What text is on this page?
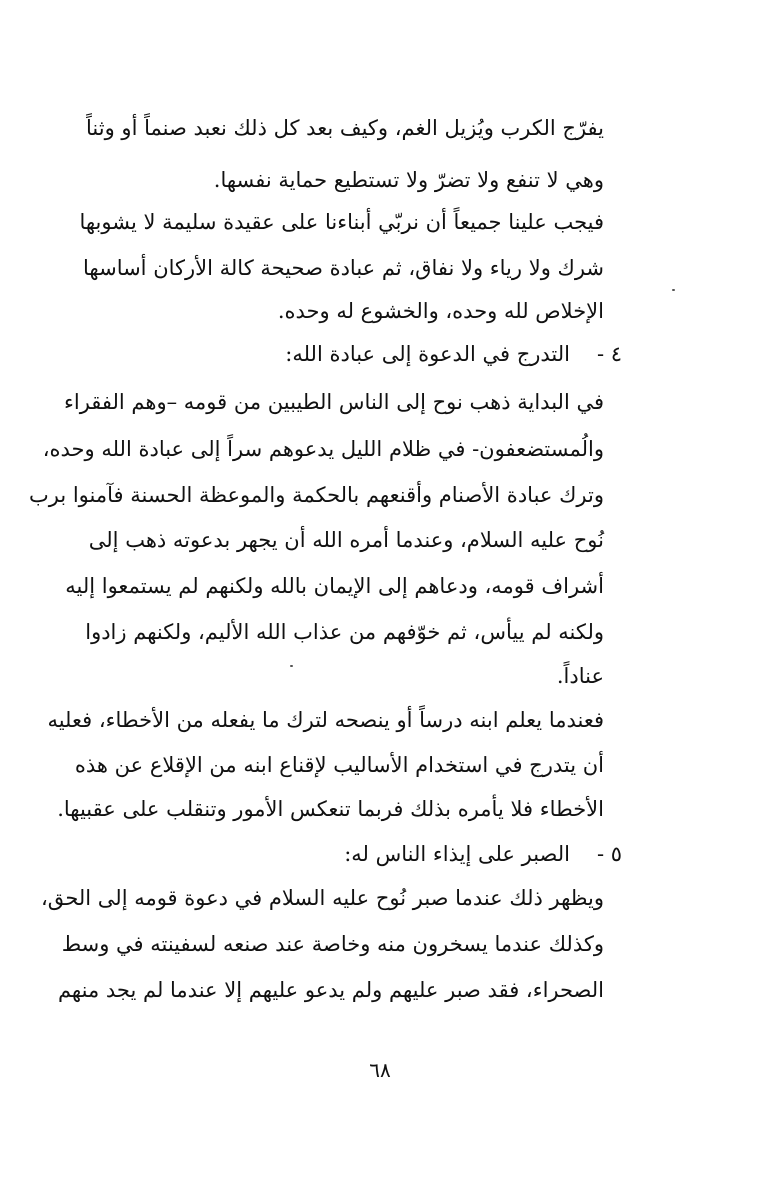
يفرّج الكرب ويُزيل الغم، وكيف بعد كل ذلك نعبد صنماً أو وثناً
وهي لا تنفع ولا تضرّ ولا تستطيع حماية نفسها.
فيجب علينا جميعاً أن نربّي أبناءنا على عقيدة سليمة لا يشوبها
شرك ولا رياء ولا نفاق، ثم عبادة صحيحة كالة الأركان أساسها
الإخلاص لله وحده، والخشوع له وحده.
٤ -
التدرج في الدعوة إلى عبادة الله:
في البداية ذهب نوح إلى الناس الطيبين من قومه –وهم الفقراء
والُمستضعفون- في ظلام الليل يدعوهم سراً إلى عبادة الله وحده،
وترك عبادة الأصنام وأقنعهم بالحكمة والموعظة الحسنة فآمنوا برب
نُوح عليه السلام، وعندما أمره الله أن يجهر بدعوته ذهب إلى
أشراف قومه، ودعاهم إلى الإيمان بالله ولكنهم لم يستمعوا إليه
ولكنه لم ييأس، ثم خوّفهم من عذاب الله الأليم، ولكنهم زادوا
عناداً.
فعندما يعلم ابنه درساً أو ينصحه لترك ما يفعله من الأخطاء، فعليه
أن يتدرج في استخدام الأساليب لإقناع ابنه من الإقلاع عن هذه
الأخطاء فلا يأمره بذلك فربما تنعكس الأمور وتنقلب على عقبيها.
٥ -
الصبر على إيذاء الناس له:
ويظهر ذلك عندما صبر نُوح عليه السلام في دعوة قومه إلى الحق،
وكذلك عندما يسخرون منه وخاصة عند صنعه لسفينته في وسط
الصحراء، فقد صبر عليهم ولم يدعو عليهم إلا عندما لم يجد منهم
٦٨
